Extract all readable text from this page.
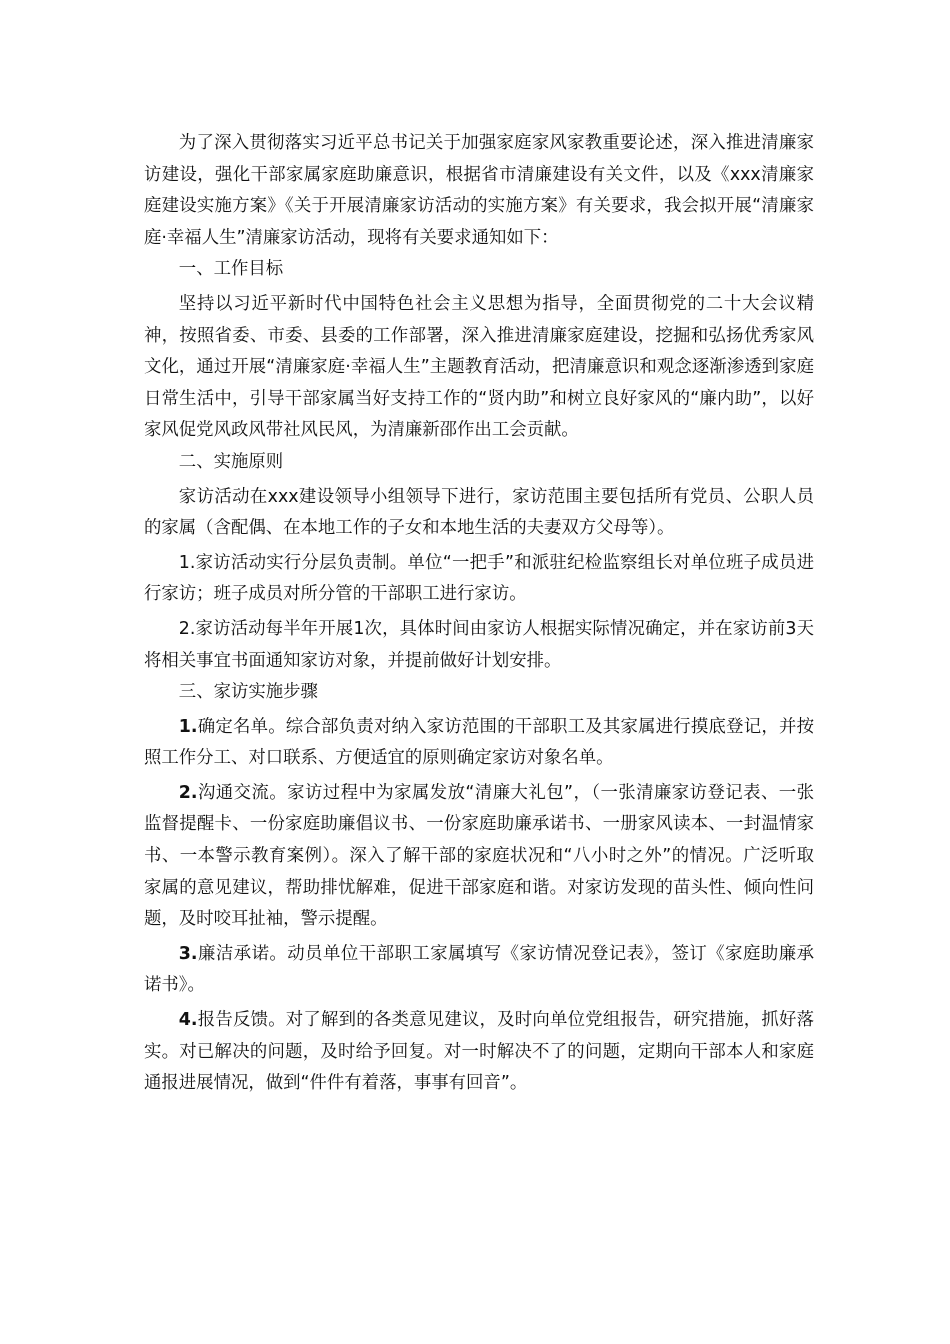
为了深入贯彻落实习近平总书记关于加强家庭家风家教重要论述，深入推进清廉家访建设，强化干部家属家庭助廉意识，根据省市清廉建设有关文件，以及《xxx清廉家庭建设实施方案》《关于开展清廉家访活动的实施方案》有关要求，我会拟开展“清廉家庭·幸福人生”清廉家访活动，现将有关要求通知如下：

一、工作目标

坚持以习近平新时代中国特色社会主义思想为指导，全面贯彻党的二十大会议精神，按照省委、市委、县委的工作部署，深入推进清廉家庭建设，挖掘和弘扬优秀家风文化，通过开展“清廉家庭·幸福人生”主题教育活动，把清廉意识和观念逐渐渗透到家庭日常生活中，引导干部家属当好支持工作的“贤内助”和树立良好家风的“廉内助”，以好家风促党风政风带社风民风，为清廉新邵作出工会贡献。

二、实施原则

家访活动在xxx建设领导小组领导下进行，家访范围主要包括所有党员、公职人员的家属（含配偶、在本地工作的子女和本地生活的夫妻双方父母等）。

1.家访活动实行分层负责制。单位“一把手”和派驻纪检监察组长对单位班子成员进行家访；班子成员对所分管的干部职工进行家访。

2.家访活动每半年开展1次，具体时间由家访人根据实际情况确定，并在家访前3天将相关事宜书面通知家访对象，并提前做好计划安排。

三、家访实施步骤

1.确定名单。综合部负责对纳入家访范围的干部职工及其家属进行摸底登记，并按照工作分工、对口联系、方便适宜的原则确定家访对象名单。

2.沟通交流。家访过程中为家属发放“清廉大礼包”，（一张清廉家访登记表、一张监督提醒卡、一份家庭助廉倡议书、一份家庭助廉承诺书、一册家风读本、一封温情家书、一本警示教育案例）。深入了解干部的家庭状况和“八小时之外”的情况。广泛听取家属的意见建议，帮助排忧解难，促进干部家庭和谐。对家访发现的苗头性、倾向性问题，及时咬耳扯袖，警示提醒。

3.廉洁承诺。动员单位干部职工家属填写《家访情况登记表》，签订《家庭助廉承诺书》。

4.报告反馈。对了解到的各类意见建议，及时向单位党组报告，研究措施，抓好落实。对已解决的问题，及时给予回复。对一时解决不了的问题，定期向干部本人和家庭通报进展情况，做到“件件有着落，事事有回音”。
